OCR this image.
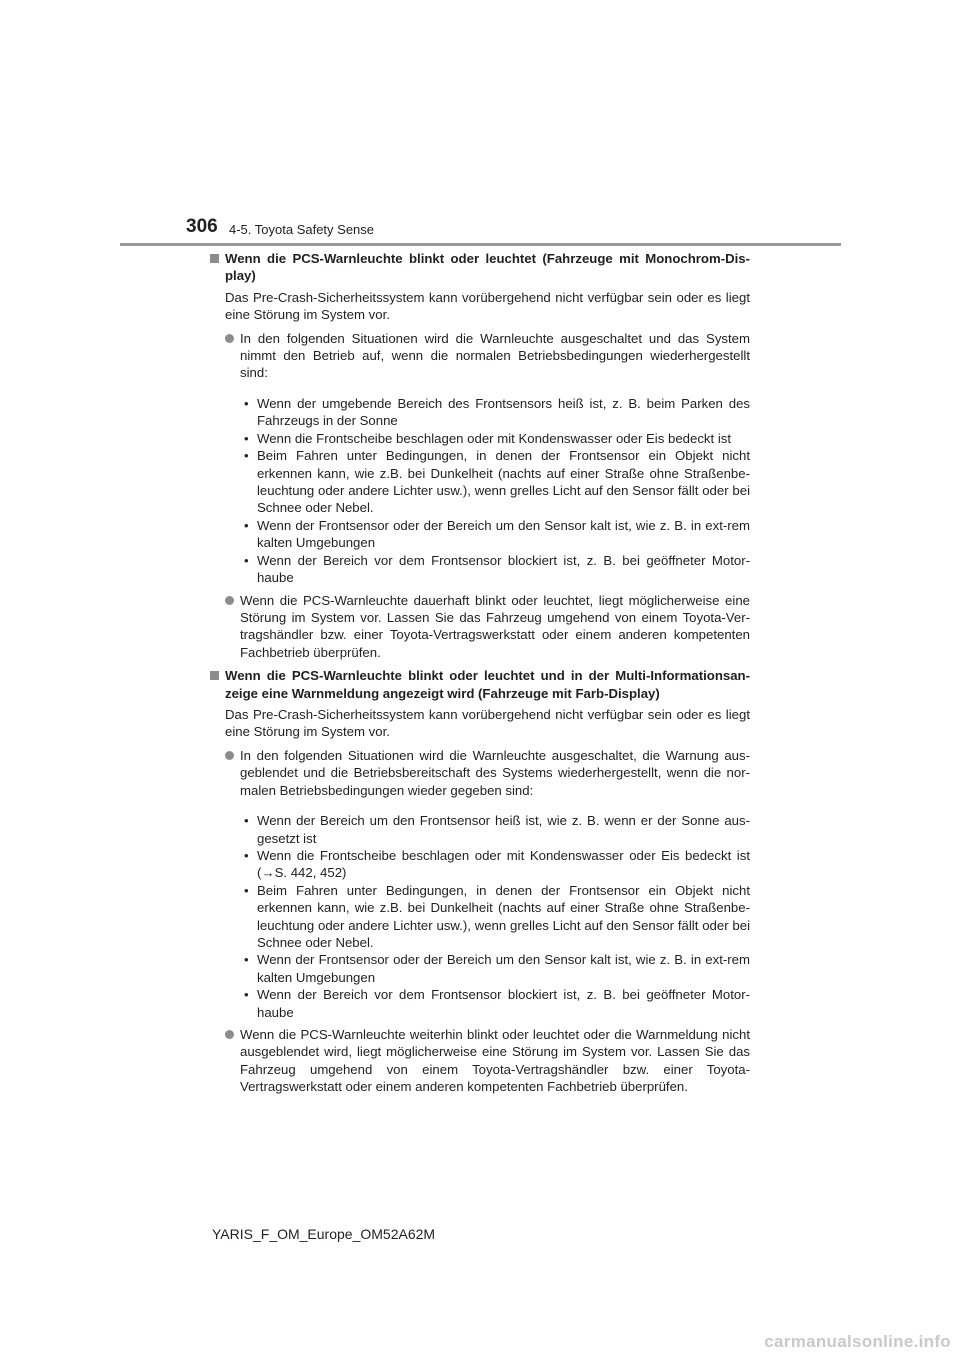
306 4-5. Toyota Safety Sense
Wenn die PCS-Warnleuchte blinkt oder leuchtet (Fahrzeuge mit Monochrom-Dis-play)
Das Pre-Crash-Sicherheitssystem kann vorübergehend nicht verfügbar sein oder es liegt eine Störung im System vor.
In den folgenden Situationen wird die Warnleuchte ausgeschaltet und das System nimmt den Betrieb auf, wenn die normalen Betriebsbedingungen wiederhergestellt sind:
• Wenn der umgebende Bereich des Frontsensors heiß ist, z. B. beim Parken des Fahrzeugs in der Sonne
• Wenn die Frontscheibe beschlagen oder mit Kondenswasser oder Eis bedeckt ist
• Beim Fahren unter Bedingungen, in denen der Frontsensor ein Objekt nicht erkennen kann, wie z.B. bei Dunkelheit (nachts auf einer Straße ohne Straßenbe-leuchtung oder andere Lichter usw.), wenn grelles Licht auf den Sensor fällt oder bei Schnee oder Nebel.
• Wenn der Frontsensor oder der Bereich um den Sensor kalt ist, wie z. B. in ext-rem kalten Umgebungen
• Wenn der Bereich vor dem Frontsensor blockiert ist, z. B. bei geöffneter Motor-haube
Wenn die PCS-Warnleuchte dauerhaft blinkt oder leuchtet, liegt möglicherweise eine Störung im System vor. Lassen Sie das Fahrzeug umgehend von einem Toyota-Ver-tragshändler bzw. einer Toyota-Vertragswerkstatt oder einem anderen kompetenten Fachbetrieb überprüfen.
Wenn die PCS-Warnleuchte blinkt oder leuchtet und in der Multi-Informationsan-zeige eine Warnmeldung angezeigt wird (Fahrzeuge mit Farb-Display)
Das Pre-Crash-Sicherheitssystem kann vorübergehend nicht verfügbar sein oder es liegt eine Störung im System vor.
In den folgenden Situationen wird die Warnleuchte ausgeschaltet, die Warnung aus-geblendet und die Betriebsbereitschaft des Systems wiederhergestellt, wenn die nor-malen Betriebsbedingungen wieder gegeben sind:
• Wenn der Bereich um den Frontsensor heiß ist, wie z. B. wenn er der Sonne aus-gesetzt ist
• Wenn die Frontscheibe beschlagen oder mit Kondenswasser oder Eis bedeckt ist (→S. 442, 452)
• Beim Fahren unter Bedingungen, in denen der Frontsensor ein Objekt nicht erkennen kann, wie z.B. bei Dunkelheit (nachts auf einer Straße ohne Straßenbe-leuchtung oder andere Lichter usw.), wenn grelles Licht auf den Sensor fällt oder bei Schnee oder Nebel.
• Wenn der Frontsensor oder der Bereich um den Sensor kalt ist, wie z. B. in ext-rem kalten Umgebungen
• Wenn der Bereich vor dem Frontsensor blockiert ist, z. B. bei geöffneter Motor-haube
Wenn die PCS-Warnleuchte weiterhin blinkt oder leuchtet oder die Warnmeldung nicht ausgeblendet wird, liegt möglicherweise eine Störung im System vor. Lassen Sie das Fahrzeug umgehend von einem Toyota-Vertragshändler bzw. einer Toyota-Vertragswerkstatt oder einem anderen kompetenten Fachbetrieb überprüfen.
YARIS_F_OM_Europe_OM52A62M
carmanualsonline.info
